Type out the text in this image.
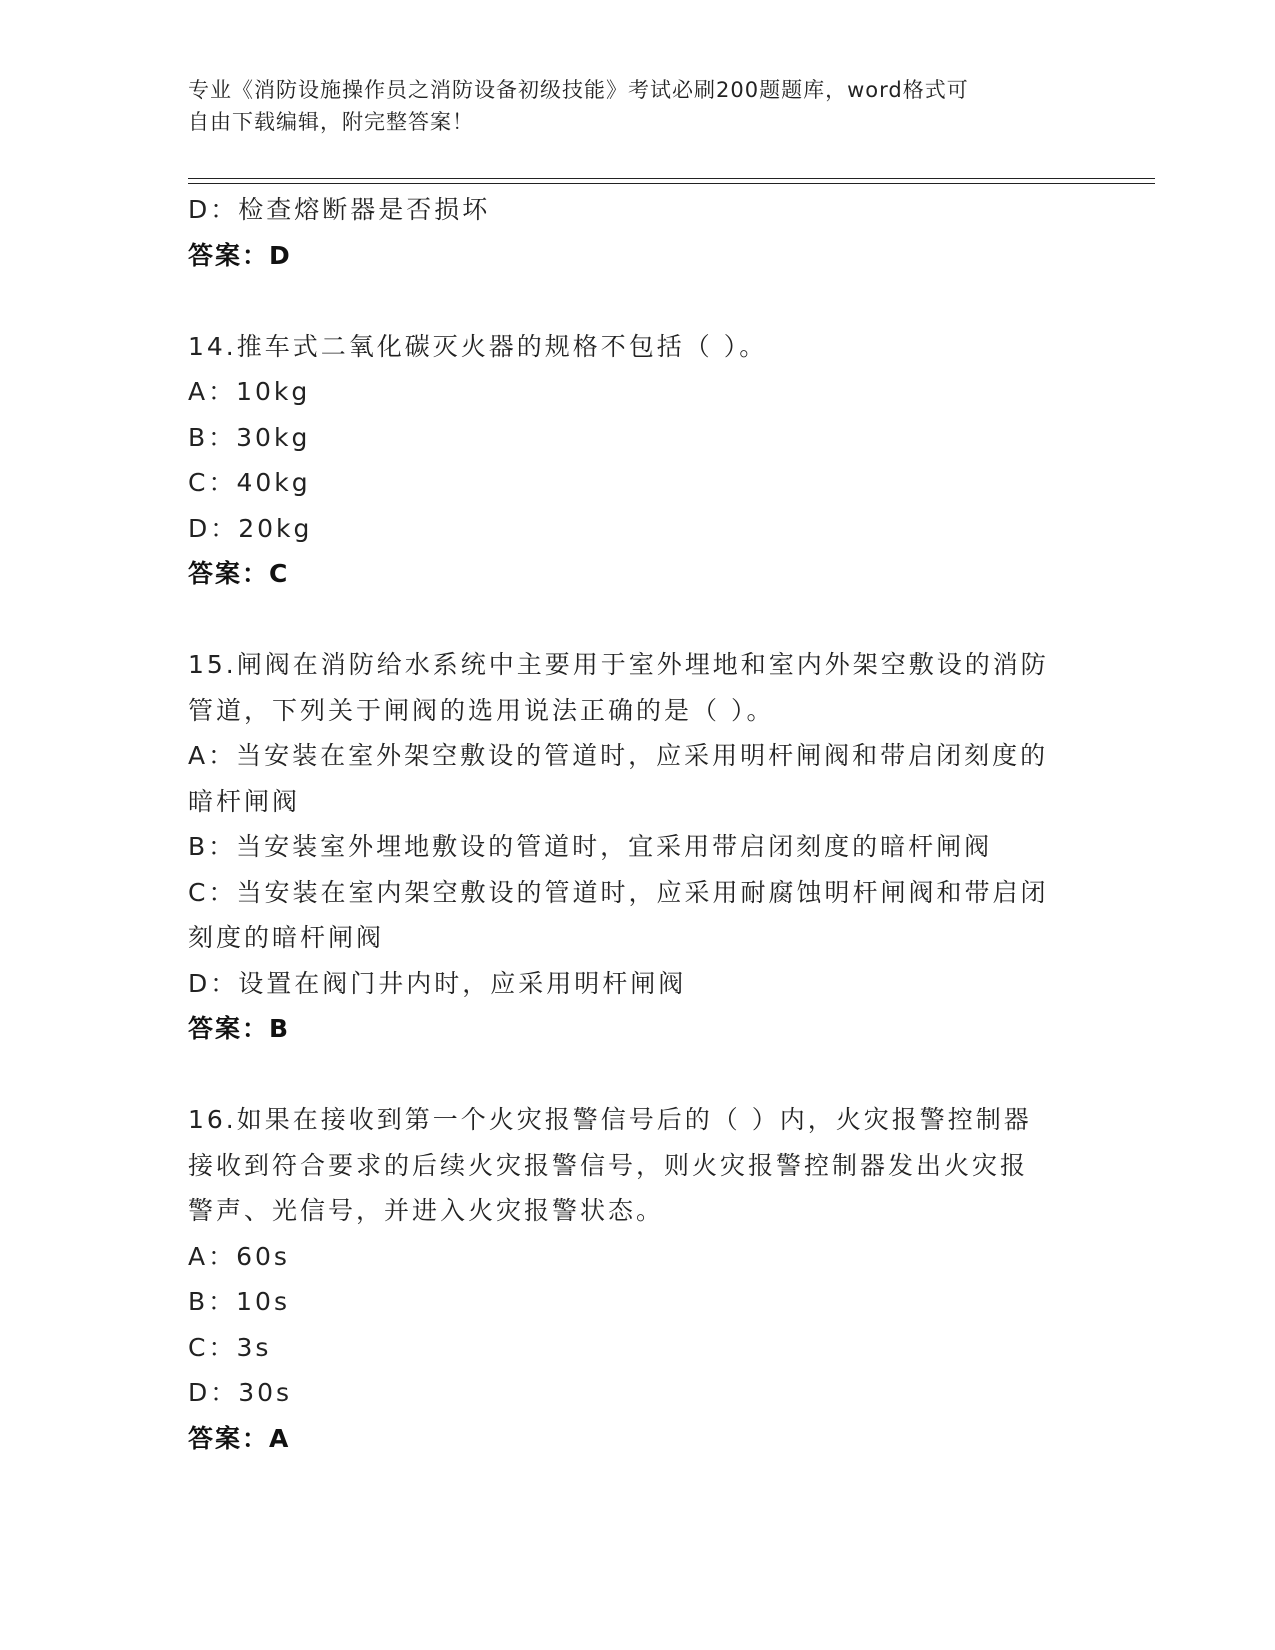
专业《消防设施操作员之消防设备初级技能》考试必刷200题题库，word格式可
自由下载编辑，附完整答案！
D：检查熔断器是否损坏
答案：D
14.推车式二氧化碳灭火器的规格不包括（ ）。
A：10kg
B：30kg
C：40kg
D：20kg
答案：C
15.闸阀在消防给水系统中主要用于室外埋地和室内外架空敷设的消防
管道，下列关于闸阀的选用说法正确的是（ ）。
A：当安装在室外架空敷设的管道时，应采用明杆闸阀和带启闭刻度的
暗杆闸阀
B：当安装室外埋地敷设的管道时，宜采用带启闭刻度的暗杆闸阀
C：当安装在室内架空敷设的管道时，应采用耐腐蚀明杆闸阀和带启闭
刻度的暗杆闸阀
D：设置在阀门井内时，应采用明杆闸阀
答案：B
16.如果在接收到第一个火灾报警信号后的（ ）内，火灾报警控制器
接收到符合要求的后续火灾报警信号，则火灾报警控制器发出火灾报
警声、光信号，并进入火灾报警状态。
A：60s
B：10s
C：3s
D：30s
答案：A
